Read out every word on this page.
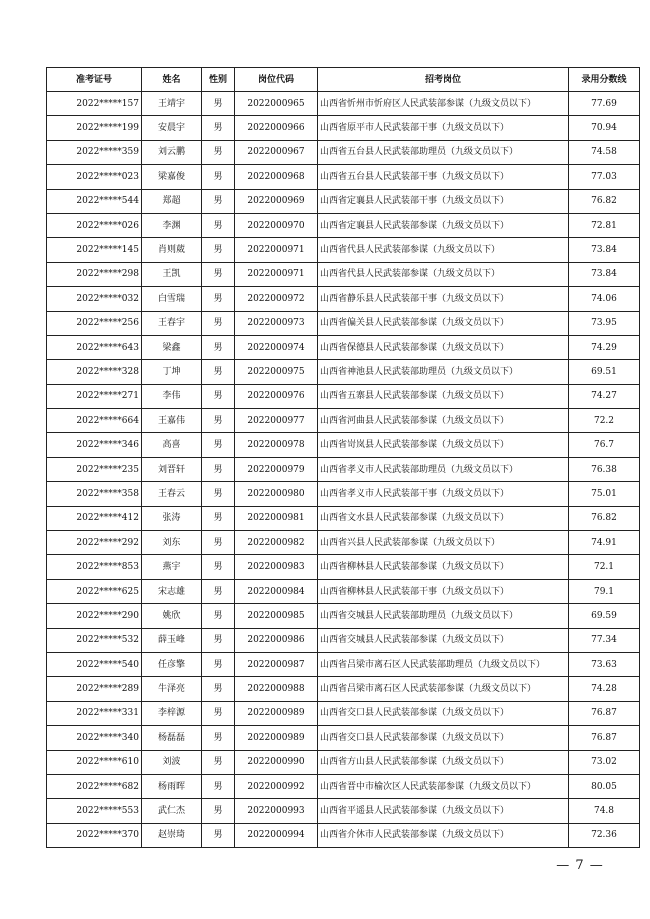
准考证号	姓名	性别	岗位代码	招考岗位	录用分数线
2022*****157	王靖宇	男	2022000965	山西省忻州市忻府区人民武装部参谋（九级文员以下）	77.69
2022*****199	安晨宇	男	2022000966	山西省原平市人民武装部干事（九级文员以下）	70.94
2022*****359	刘云鹏	男	2022000967	山西省五台县人民武装部助理员（九级文员以下）	74.58
2022*****023	梁嘉俊	男	2022000968	山西省五台县人民武装部干事（九级文员以下）	77.03
2022*****544	郑超	男	2022000969	山西省定襄县人民武装部干事（九级文员以下）	76.82
2022*****026	李渊	男	2022000970	山西省定襄县人民武装部参谋（九级文员以下）	72.81
2022*****145	肖则葳	男	2022000971	山西省代县人民武装部参谋（九级文员以下）	73.84
2022*****298	王凯	男	2022000971	山西省代县人民武装部参谋（九级文员以下）	73.84
2022*****032	白雪瑞	男	2022000972	山西省静乐县人民武装部干事（九级文员以下）	74.06
2022*****256	王春宇	男	2022000973	山西省偏关县人民武装部参谋（九级文员以下）	73.95
2022*****643	梁鑫	男	2022000974	山西省保德县人民武装部参谋（九级文员以下）	74.29
2022*****328	丁坤	男	2022000975	山西省神池县人民武装部助理员（九级文员以下）	69.51
2022*****271	李伟	男	2022000976	山西省五寨县人民武装部参谋（九级文员以下）	74.27
2022*****664	王嘉伟	男	2022000977	山西省河曲县人民武装部参谋（九级文员以下）	72.2
2022*****346	高喜	男	2022000978	山西省岢岚县人民武装部参谋（九级文员以下）	76.7
2022*****235	刘晋轩	男	2022000979	山西省孝义市人民武装部助理员（九级文员以下）	76.38
2022*****358	王春云	男	2022000980	山西省孝义市人民武装部干事（九级文员以下）	75.01
2022*****412	张涛	男	2022000981	山西省文水县人民武装部参谋（九级文员以下）	76.82
2022*****292	刘东	男	2022000982	山西省兴县人民武装部参谋（九级文员以下）	74.91
2022*****853	燕宇	男	2022000983	山西省柳林县人民武装部参谋（九级文员以下）	72.1
2022*****625	宋志雄	男	2022000984	山西省柳林县人民武装部干事（九级文员以下）	79.1
2022*****290	姚欣	男	2022000985	山西省交城县人民武装部助理员（九级文员以下）	69.59
2022*****532	薛玉峰	男	2022000986	山西省交城县人民武装部参谋（九级文员以下）	77.34
2022*****540	任彦擎	男	2022000987	山西省吕梁市离石区人民武装部助理员（九级文员以下）	73.63
2022*****289	牛泽亮	男	2022000988	山西省吕梁市离石区人民武装部参谋（九级文员以下）	74.28
2022*****331	李梓源	男	2022000989	山西省交口县人民武装部参谋（九级文员以下）	76.87
2022*****340	杨磊磊	男	2022000989	山西省交口县人民武装部参谋（九级文员以下）	76.87
2022*****610	刘波	男	2022000990	山西省方山县人民武装部参谋（九级文员以下）	73.02
2022*****682	杨雨晖	男	2022000992	山西省晋中市榆次区人民武装部参谋（九级文员以下）	80.05
2022*****553	武仁杰	男	2022000993	山西省平遥县人民武装部参谋（九级文员以下）	74.8
2022*****370	赵崇琦	男	2022000994	山西省介休市人民武装部参谋（九级文员以下）	72.36
— 7 —
